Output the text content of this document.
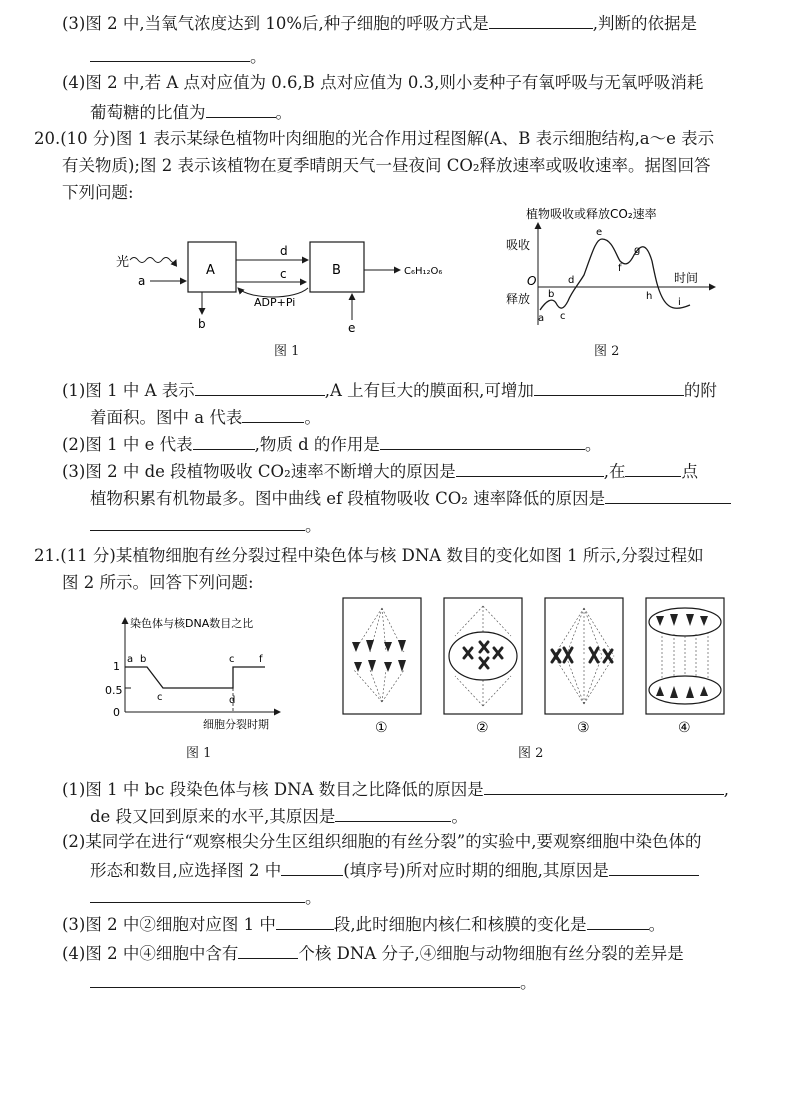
(3)图 2 中,当氧气浓度达到 10%后,种子细胞的呼吸方式是	,判断的依据是
。
(4)图 2 中,若 A 点对应值为 0.6,B 点对应值为 0.3,则小麦种子有氧呼吸与无氧呼吸消耗
葡萄糖的比值为	。
20.(10 分)图 1 表示某绿色植物叶肉细胞的光合作用过程图解(A、B 表示细胞结构,a～e 表示
有关物质);图 2 表示该植物在夏季晴朗天气一昼夜间 CO₂释放速率或吸收速率。据图回答
下列问题:
光
a
A
b
d
c
ADP+Pi
B	C₆H₁₂O₆
e
图 1
植物吸收或释放CO₂速率
吸收
释放
时间
O
a
b
c
d
e
f
g
h
i
图 2
(1)图 1 中 A 表示	,A 上有巨大的膜面积,可增加	的附
着面积。图中 a 代表	。
(2)图 1 中 e 代表	,物质 d 的作用是	。
(3)图 2 中 de 段植物吸收 CO₂速率不断增大的原因是	,在	点
植物积累有机物最多。图中曲线 ef 段植物吸收 CO₂ 速率降低的原因是
。
21.(11 分)某植物细胞有丝分裂过程中染色体与核 DNA 数目的变化如图 1 所示,分裂过程如
图 2 所示。回答下列问题:
染色体与核DNA数目之比
1
0.5
0
a b
c	d
c f
细胞分裂时期
图 1
①	②	③	④
图 2
(1)图 1 中 bc 段染色体与核 DNA 数目之比降低的原因是	,
de 段又回到原来的水平,其原因是	。
(2)某同学在进行“观察根尖分生区组织细胞的有丝分裂”的实验中,要观察细胞中染色体的
形态和数目,应选择图 2 中	(填序号)所对应时期的细胞,其原因是
。
(3)图 2 中②细胞对应图 1 中	段,此时细胞内核仁和核膜的变化是	。
(4)图 2 中④细胞中含有	个核 DNA 分子,④细胞与动物细胞有丝分裂的差异是
。
